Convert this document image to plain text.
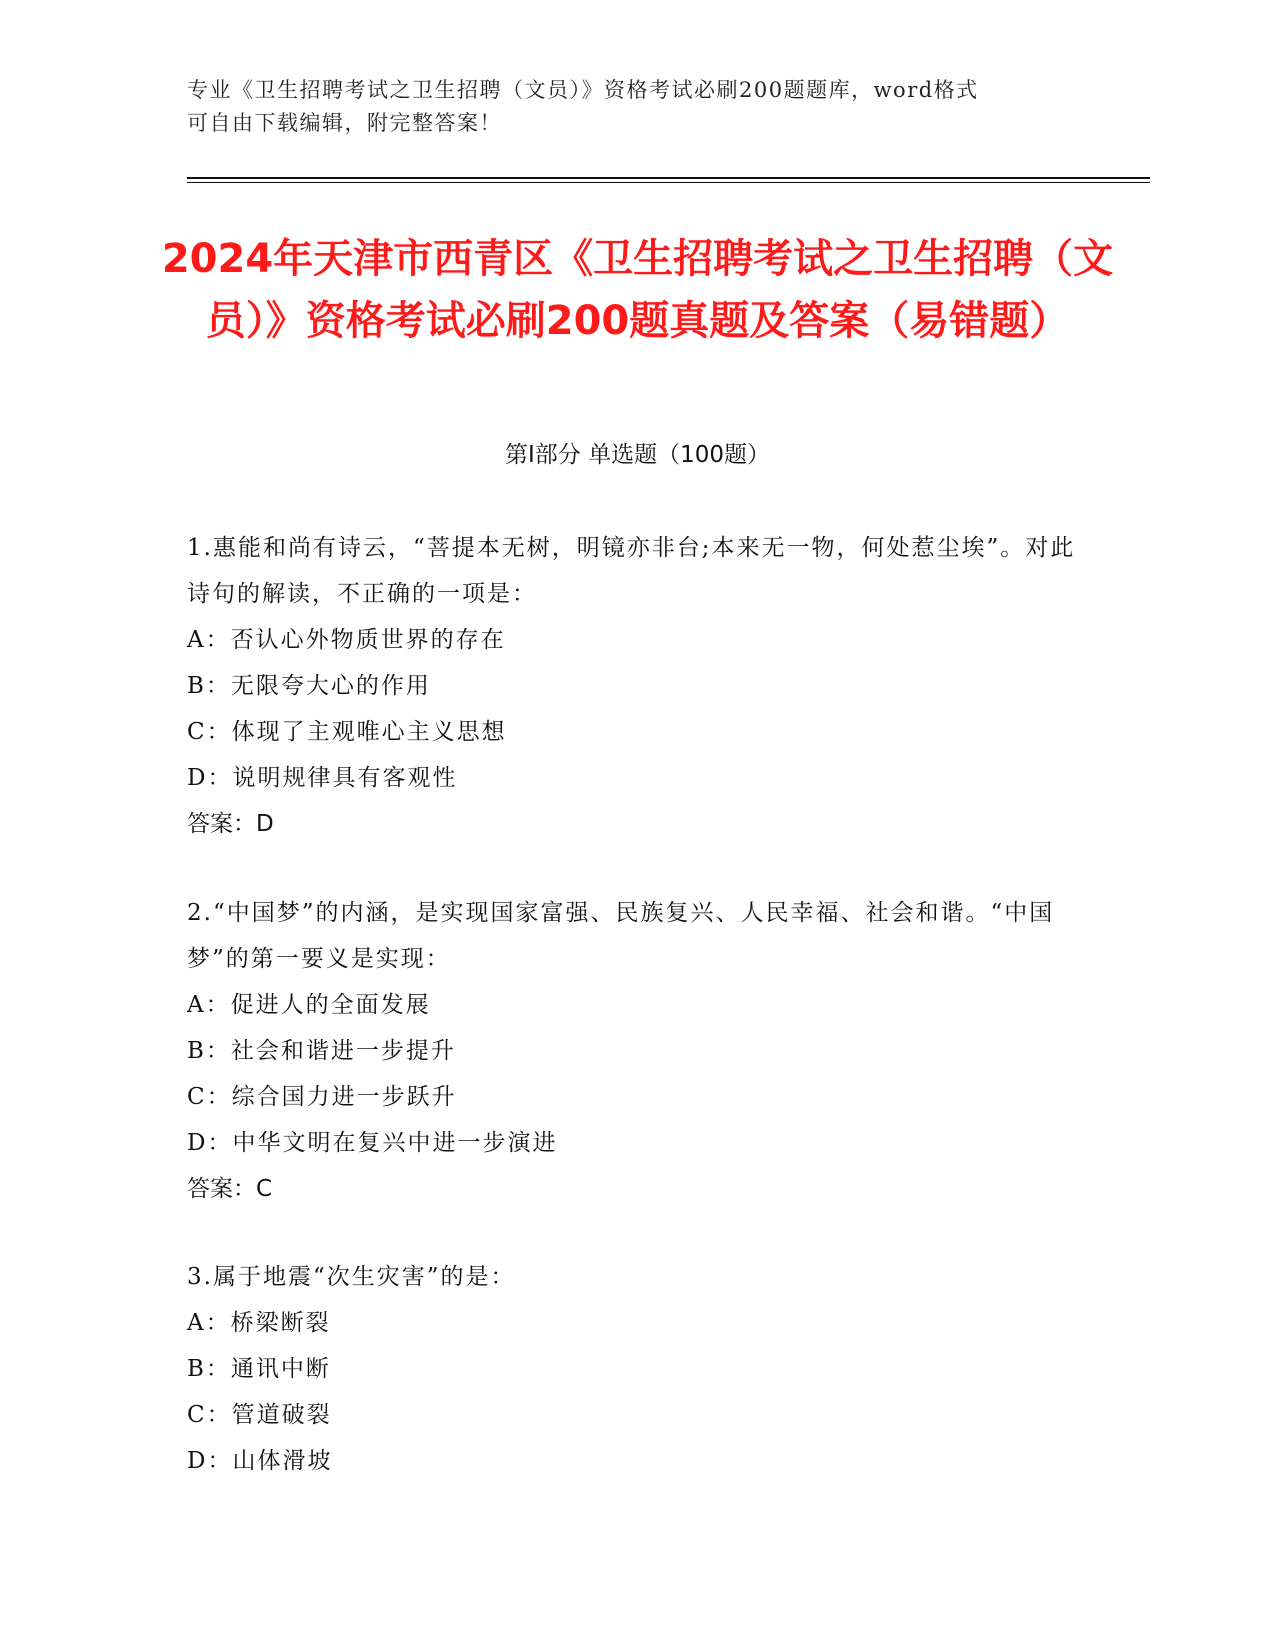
专业《卫生招聘考试之卫生招聘（文员）》资格考试必刷200题题库，word格式
可自由下载编辑，附完整答案！
2024年天津市西青区《卫生招聘考试之卫生招聘（文员）》资格考试必刷200题真题及答案（易错题）
第I部分 单选题（100题）

1.惠能和尚有诗云，“菩提本无树，明镜亦非台;本来无一物，何处惹尘埃”。对此诗句的解读，不正确的一项是：

A：否认心外物质世界的存在

B：无限夸大心的作用

C：体现了主观唯心主义思想

D：说明规律具有客观性

答案：D

2.“中国梦”的内涵，是实现国家富强、民族复兴、人民幸福、社会和谐。“中国梦”的第一要义是实现：

A：促进人的全面发展

B：社会和谐进一步提升

C：综合国力进一步跃升

D：中华文明在复兴中进一步演进

答案：C

3.属于地震“次生灾害”的是：

A：桥梁断裂

B：通讯中断

C：管道破裂

D：山体滑坡
